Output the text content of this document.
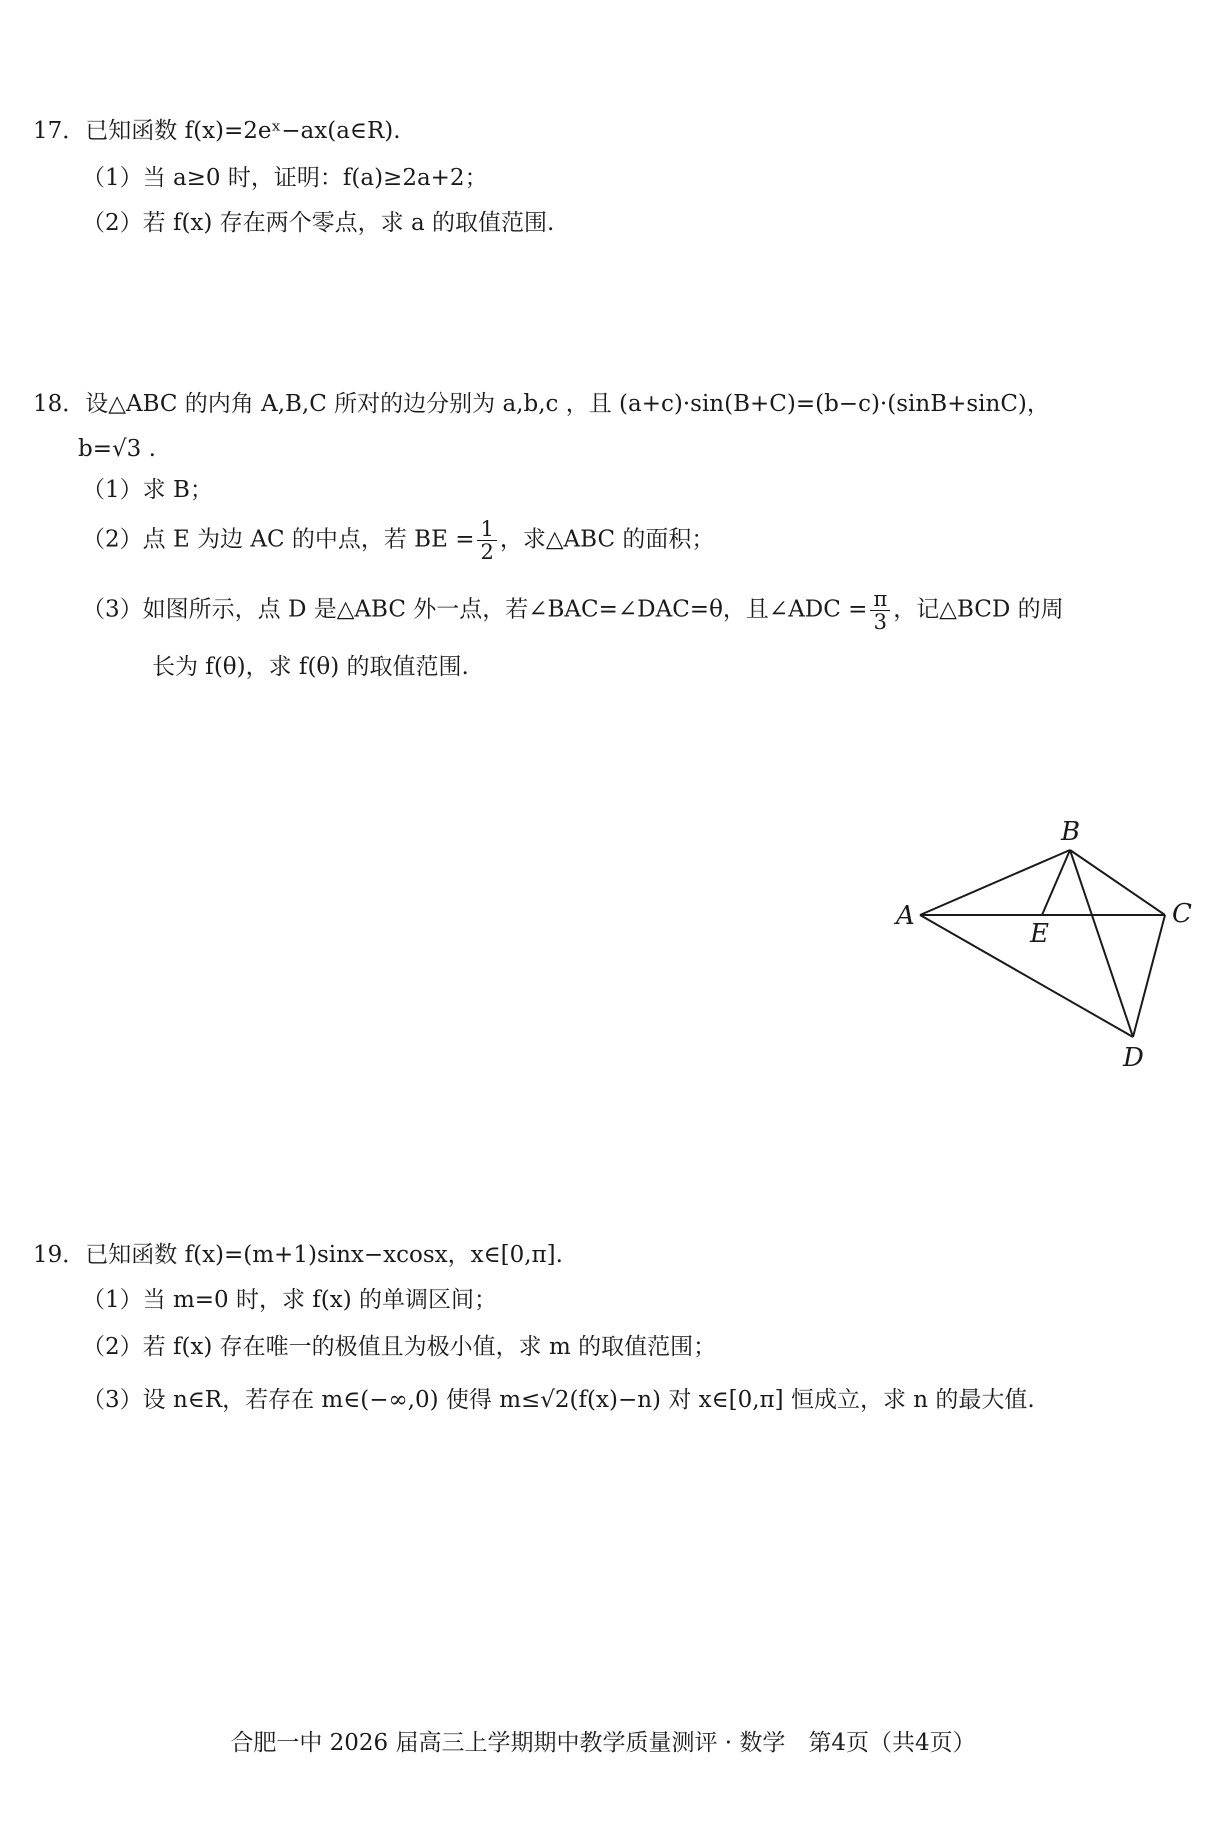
17．已知函数 f(x)=2eˣ−ax(a∈R).
（1）当 a≥0 时，证明：f(a)≥2a+2；
（2）若 f(x) 存在两个零点，求 a 的取值范围.
18．设△ABC 的内角 A,B,C 所对的边分别为 a,b,c ，且 (a+c)·sin(B+C)=(b−c)·(sinB+sinC)，
b=√3 .
（1）求 B；
（2）点 E 为边 AC 的中点，若 BE = $\frac{1}{2}$ ，求△ABC 的面积；
（3）如图所示，点 D 是△ABC 外一点，若∠BAC=∠DAC=θ，且∠ADC = $\frac{\pi}{3}$ ，记△BCD 的周
长为 f(θ)，求 f(θ) 的取值范围.
A
B
C
E
D
19．已知函数 f(x)=(m+1)sinx−xcosx，x∈[0,π].
（1）当 m=0 时，求 f(x) 的单调区间；
（2）若 f(x) 存在唯一的极值且为极小值，求 m 的取值范围；
（3）设 n∈R，若存在 m∈(−∞,0) 使得 m≤√2(f(x)−n) 对 x∈[0,π] 恒成立，求 n 的最大值.
合肥一中 2026 届高三上学期期中教学质量测评 · 数学　第4页（共4页）
